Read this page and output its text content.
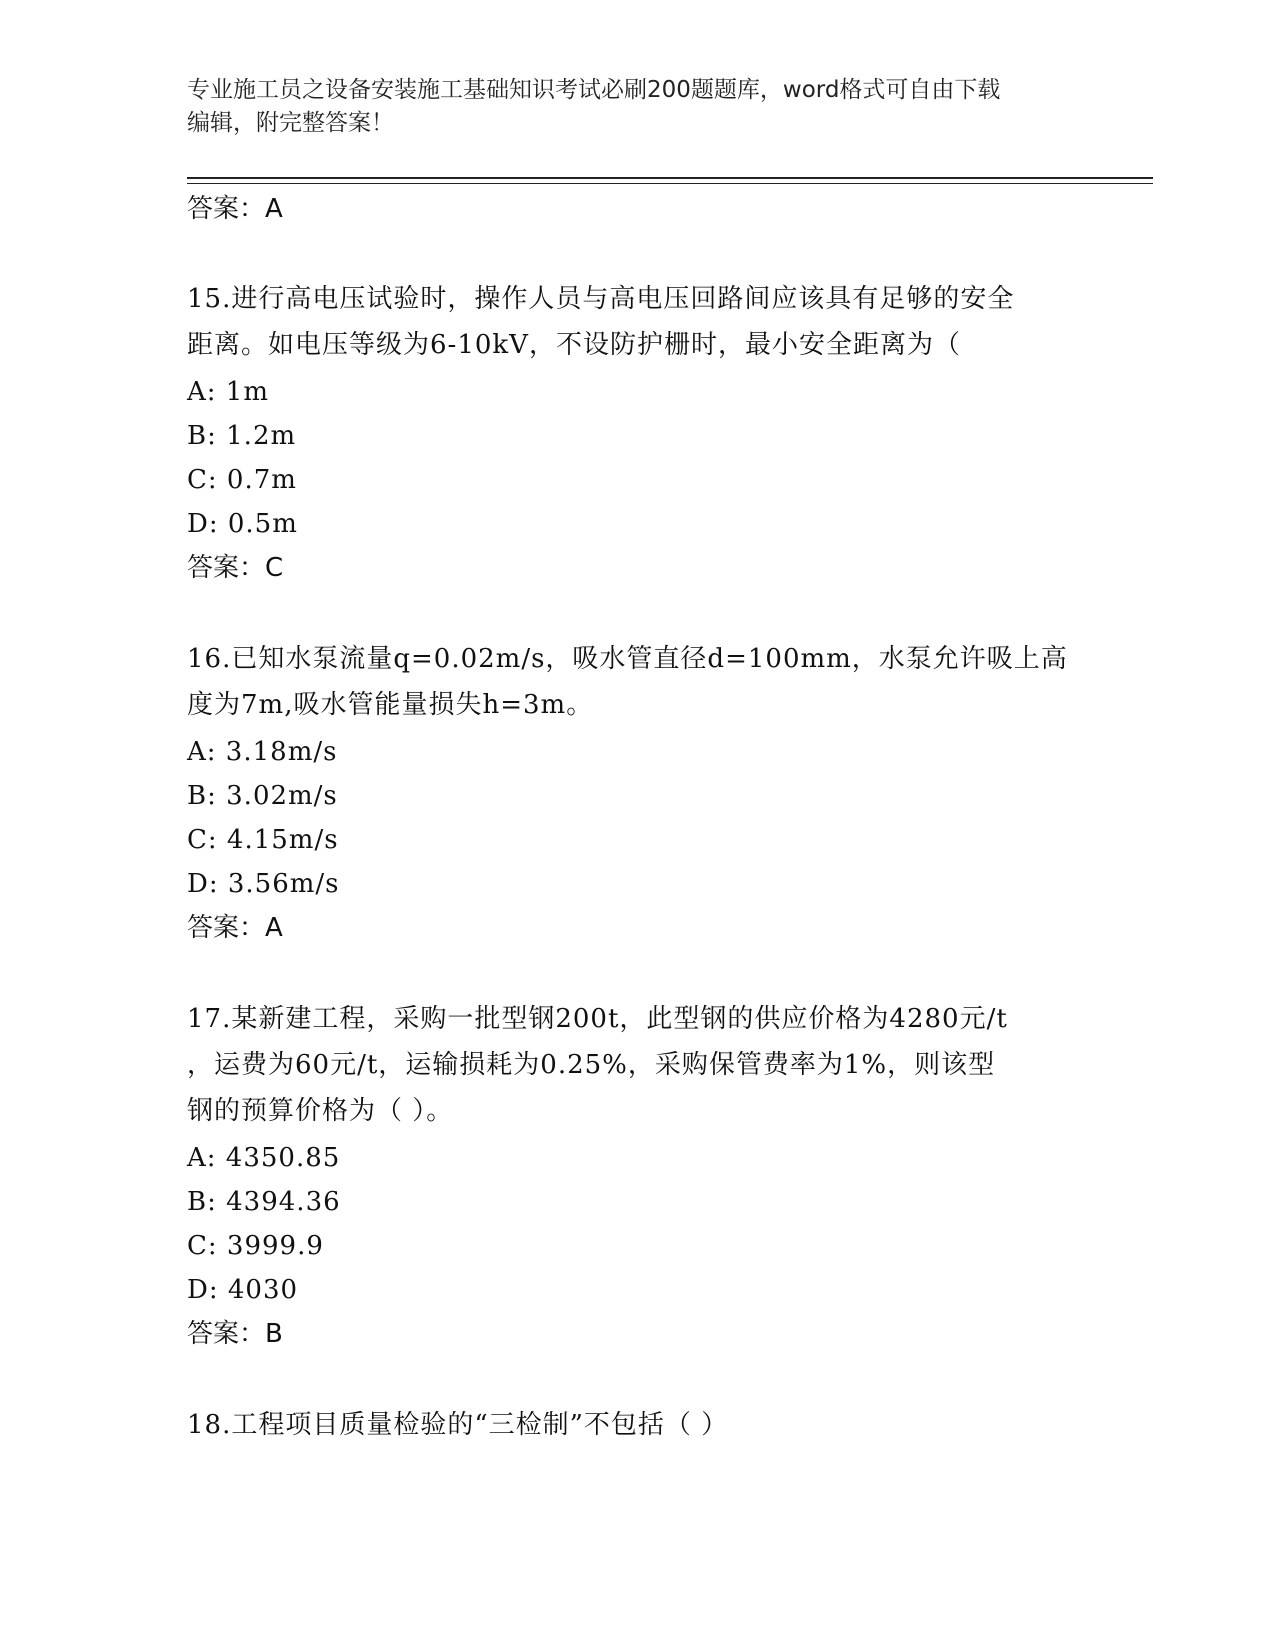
专业施工员之设备安装施工基础知识考试必刷200题题库，word格式可自由下载
编辑，附完整答案！
答案：A
15.进行高电压试验时，操作人员与高电压回路间应该具有足够的安全
距离。如电压等级为6-10kV，不设防护栅时，最小安全距离为（
A: 1m
B: 1.2m
C: 0.7m
D: 0.5m
答案：C
16.已知水泵流量q=0.02m/s，吸水管直径d=100mm，水泵允许吸上高
度为7m,吸水管能量损失h=3m。
A: 3.18m/s
B: 3.02m/s
C: 4.15m/s
D: 3.56m/s
答案：A
17.某新建工程，采购一批型钢200t，此型钢的供应价格为4280元/t
，运费为60元/t，运输损耗为0.25%，采购保管费率为1%，则该型
钢的预算价格为（ ）。
A: 4350.85
B: 4394.36
C: 3999.9
D: 4030
答案：B
18.工程项目质量检验的“三检制”不包括（ ）
